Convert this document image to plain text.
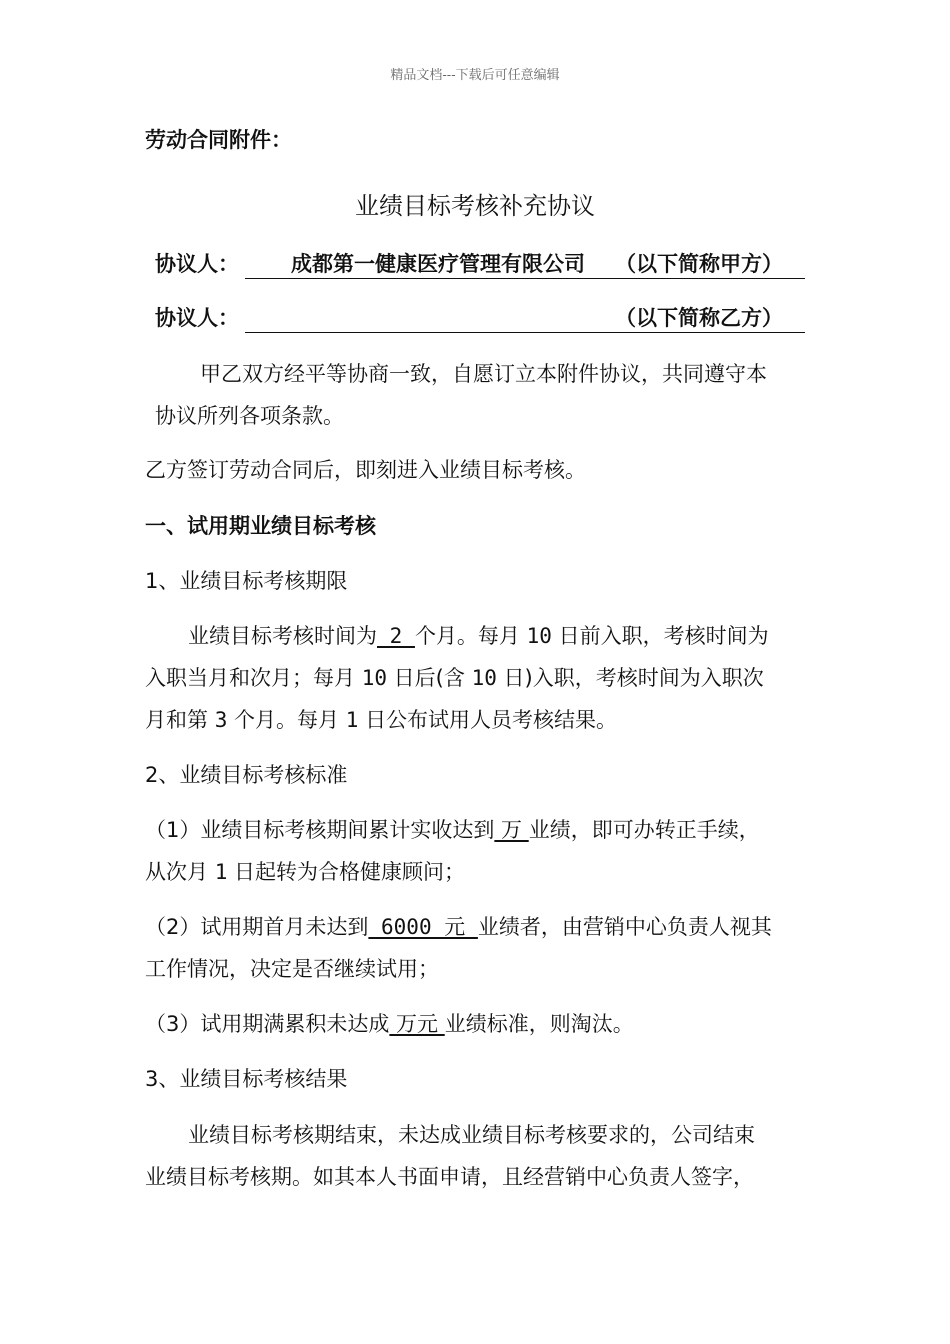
精品文档---下载后可任意编辑
劳动合同附件：
业绩目标考核补充协议
协议人： 成都第一健康医疗管理有限公司 （以下简称甲方）
协议人：	（以下简称乙方）
甲乙双方经平等协商一致，自愿订立本附件协议，共同遵守本
协议所列各项条款。
乙方签订劳动合同后，即刻进入业绩目标考核。
一、试用期业绩目标考核
1、业绩目标考核期限
业绩目标考核时间为 2 个月。每月 10 日前入职，考核时间为
入职当月和次月；每月 10 日后(含 10 日)入职，考核时间为入职次
月和第 3 个月。每月 1 日公布试用人员考核结果。
2、业绩目标考核标准
（1）业绩目标考核期间累计实收达到 万 业绩，即可办转正手续，
从次月 1 日起转为合格健康顾问；
（2）试用期首月未达到 6000 元 业绩者，由营销中心负责人视其
工作情况，决定是否继续试用；
（3）试用期满累积未达成 万元 业绩标准，则淘汰。
3、业绩目标考核结果
业绩目标考核期结束，未达成业绩目标考核要求的，公司结束
业绩目标考核期。如其本人书面申请，且经营销中心负责人签字，
